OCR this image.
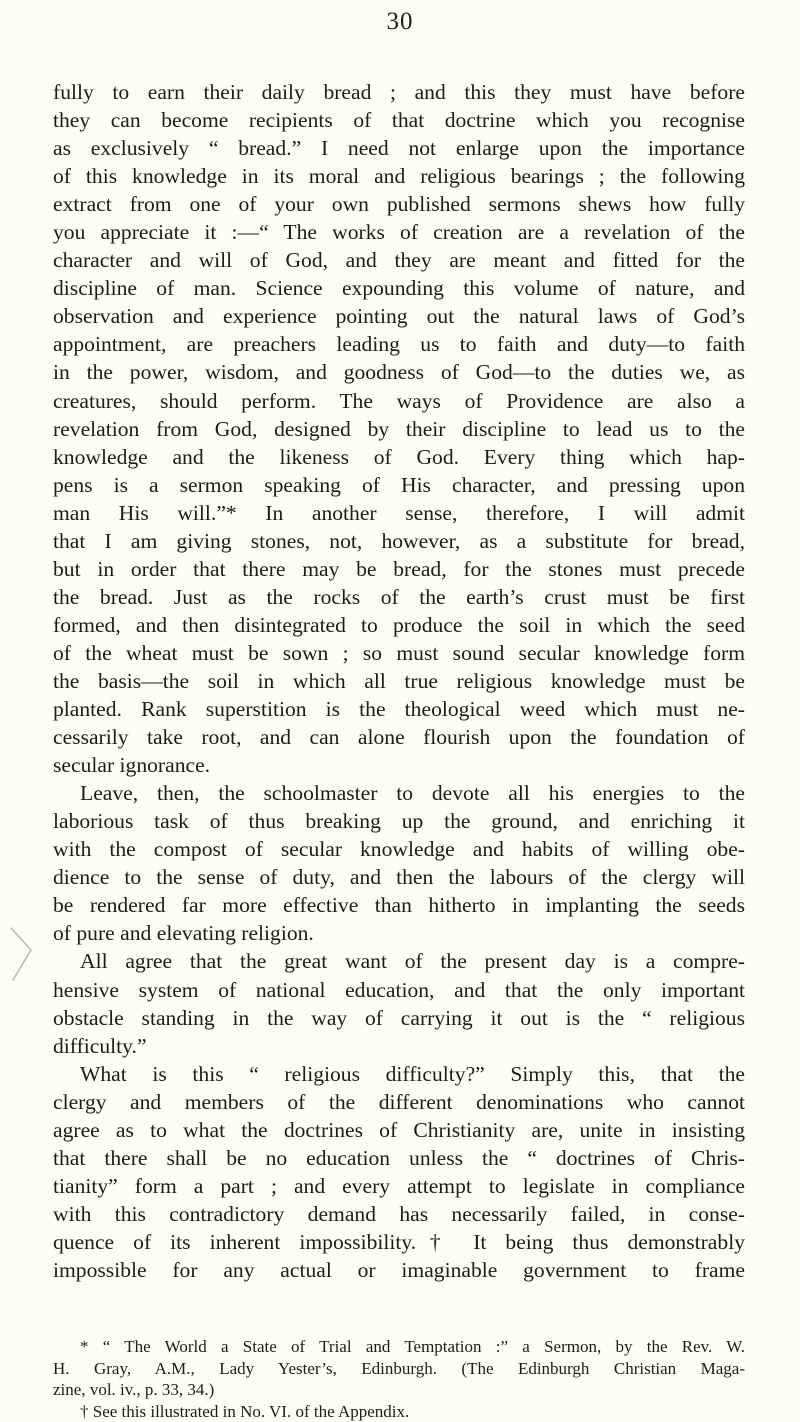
30
fully to earn their daily bread ; and this they must have before
they can become recipients of that doctrine which you recognise
as exclusively “ bread.” I need not enlarge upon the importance
of this knowledge in its moral and religious bearings ; the following
extract from one of your own published sermons shews how fully
you appreciate it :—“ The works of creation are a revelation of the
character and will of God, and they are meant and fitted for the
discipline of man. Science expounding this volume of nature, and
observation and experience pointing out the natural laws of God’s
appointment, are preachers leading us to faith and duty—to faith
in the power, wisdom, and goodness of God—to the duties we, as
creatures, should perform. The ways of Providence are also a
revelation from God, designed by their discipline to lead us to the
knowledge and the likeness of God. Every thing which hap-
pens is a sermon speaking of His character, and pressing upon
man His will.”* In another sense, therefore, I will admit
that I am giving stones, not, however, as a substitute for bread,
but in order that there may be bread, for the stones must precede
the bread. Just as the rocks of the earth’s crust must be first
formed, and then disintegrated to produce the soil in which the seed
of the wheat must be sown ; so must sound secular knowledge form
the basis—the soil in which all true religious knowledge must be
planted. Rank superstition is the theological weed which must ne-
cessarily take root, and can alone flourish upon the foundation of
secular ignorance.
Leave, then, the schoolmaster to devote all his energies to the
laborious task of thus breaking up the ground, and enriching it
with the compost of secular knowledge and habits of willing obe-
dience to the sense of duty, and then the labours of the clergy will
be rendered far more effective than hitherto in implanting the seeds
of pure and elevating religion.
All agree that the great want of the present day is a compre-
hensive system of national education, and that the only important
obstacle standing in the way of carrying it out is the “ religious
difficulty.”
What is this “ religious difficulty?” Simply this, that the
clergy and members of the different denominations who cannot
agree as to what the doctrines of Christianity are, unite in insisting
that there shall be no education unless the “ doctrines of Chris-
tianity” form a part ; and every attempt to legislate in compliance
with this contradictory demand has necessarily failed, in conse-
quence of its inherent impossibility.† It being thus demonstrably
impossible for any actual or imaginable government to frame
* “ The World a State of Trial and Temptation :” a Sermon, by the Rev. W.
H. Gray, A.M., Lady Yester’s, Edinburgh. (The Edinburgh Christian Maga-
zine, vol. iv., p. 33, 34.)
† See this illustrated in No. VI. of the Appendix.
